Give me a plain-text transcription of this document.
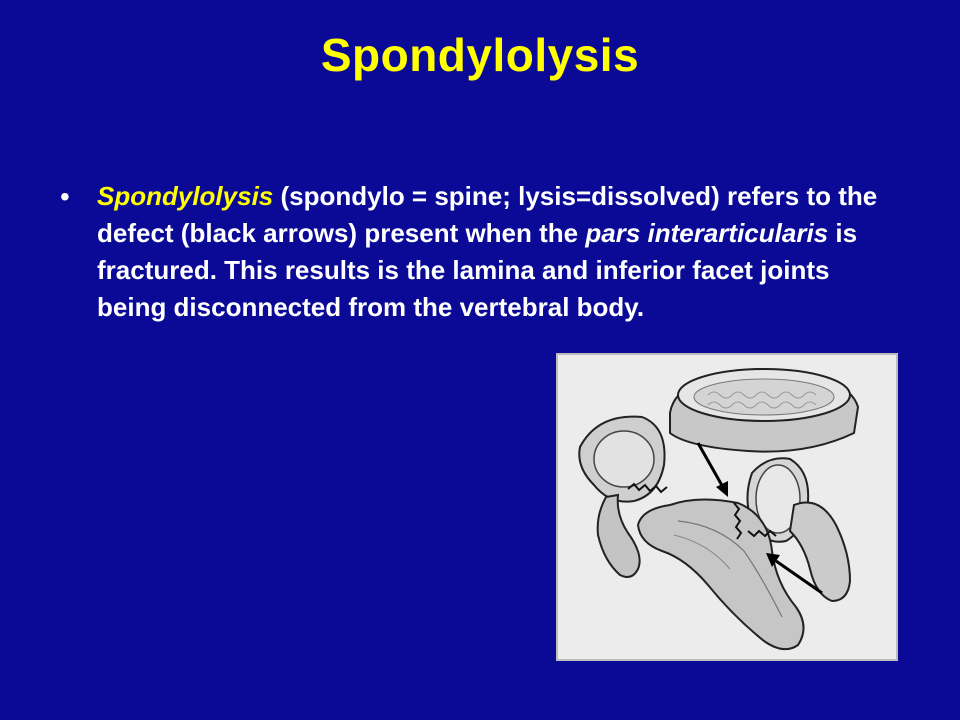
Spondylolysis
• Spondylolysis (spondylo = spine; lysis=dissolved) refers to the defect (black arrows) present when the pars interarticularis is fractured. This results is the lamina and inferior facet joints being disconnected from the vertebral body.
